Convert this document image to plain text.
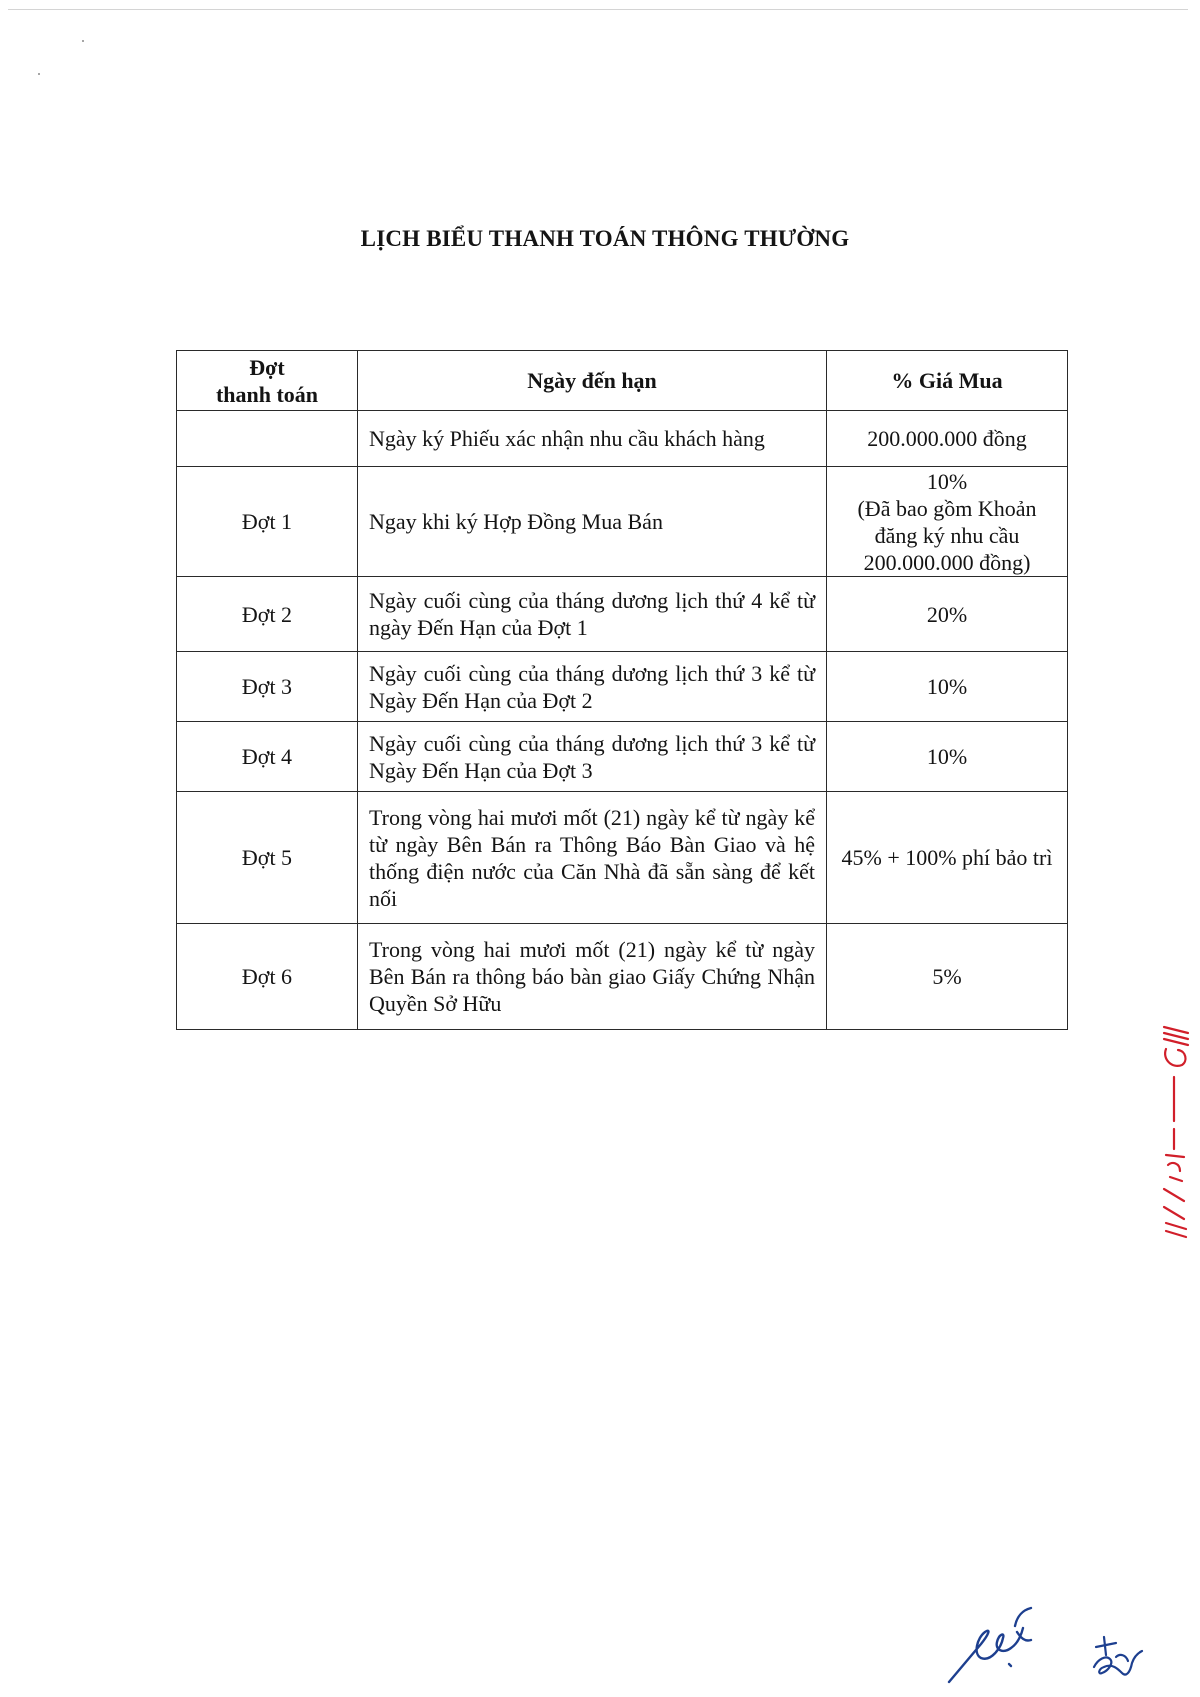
LỊCH BIỂU THANH TOÁN THÔNG THƯỜNG
Đợt
thanh toán	Ngày đến hạn	% Giá Mua
	Ngày ký Phiếu xác nhận nhu cầu khách hàng	200.000.000 đồng
Đợt 1	Ngay khi ký Hợp Đồng Mua Bán	10%
(Đã bao gồm Khoản đăng ký nhu cầu 200.000.000 đồng)

Đợt 2	Ngày cuối cùng của tháng dương lịch thứ 4 kể từ ngày Đến Hạn của Đợt 1	20%
Đợt 3	Ngày cuối cùng của tháng dương lịch thứ 3 kể từ Ngày Đến Hạn của Đợt 2	10%
Đợt 4	Ngày cuối cùng của tháng dương lịch thứ 3 kể từ Ngày Đến Hạn của Đợt 3	10%
Đợt 5	Trong vòng hai mươi mốt (21) ngày kể từ ngày kể từ ngày Bên Bán ra Thông Báo Bàn Giao và hệ thống điện nước của Căn Nhà đã sẵn sàng để kết nối	45% + 100% phí bảo trì
Đợt 6	Trong vòng hai mươi mốt (21) ngày kể từ ngày Bên Bán ra thông báo bàn giao Giấy Chứng Nhận Quyền Sở Hữu	5%
